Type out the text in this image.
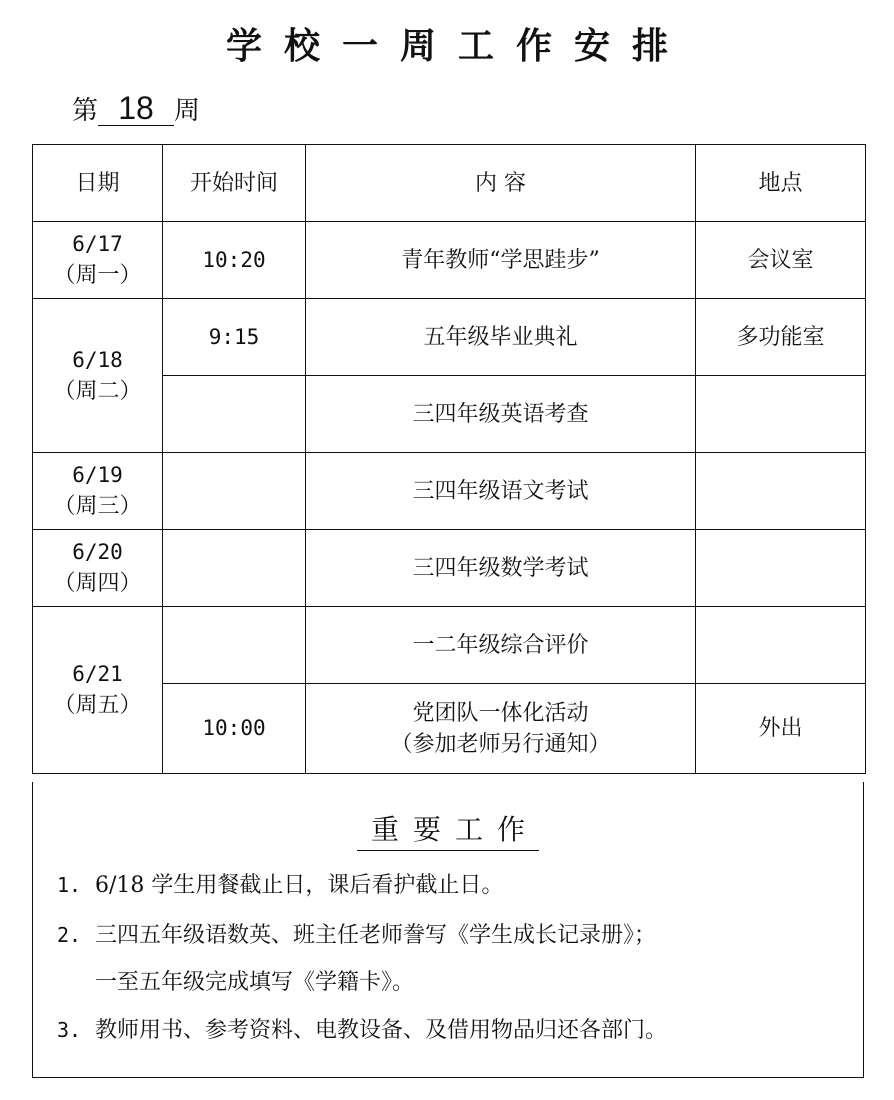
学校一周工作安排
第 18 周
日期	开始时间	内 容	地点

6/17
（周一）	10:20	青年教师“学思跬步”	会议室

6/18
（周二）	9:15	五年级毕业典礼	多功能室
		三四年级英语考查	

6/19
（周三）		三四年级语文考试	

6/20
（周四）		三四年级数学考试	

6/21
（周五）		一二年级综合评价	
	10:00	党团队一体化活动
（参加老师另行通知）	外出
重要工作
1. 6/18 学生用餐截止日，课后看护截止日。
2. 三四五年级语数英、班主任老师誊写《学生成长记录册》；
一至五年级完成填写《学籍卡》。
3. 教师用书、参考资料、电教设备、及借用物品归还各部门。
